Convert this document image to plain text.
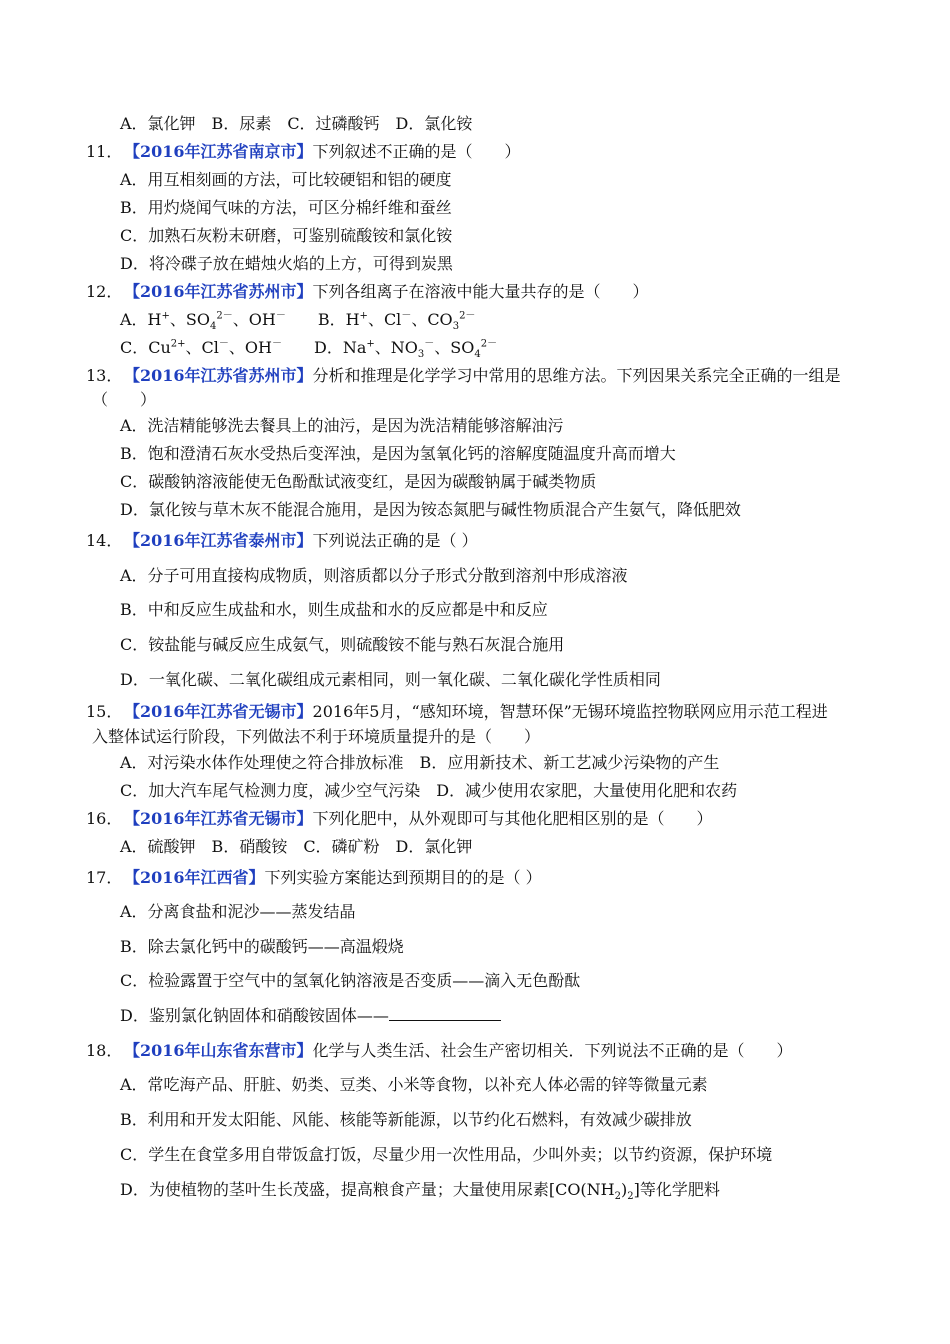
A．氯化钾　B．尿素　C．过磷酸钙　D．氯化铵
11． 【2016年江苏省南京市】下列叙述不正确的是（　　）
A．用互相刻画的方法，可比较硬铝和铝的硬度
B．用灼烧闻气味的方法，可区分棉纤维和蚕丝
C．加熟石灰粉末研磨，可鉴别硫酸铵和氯化铵
D．将冷碟子放在蜡烛火焰的上方，可得到炭黑
12． 【2016年江苏省苏州市】下列各组离子在溶液中能大量共存的是（　　）
A．H+、$SO_4^{2-}$、OH－　　B．H+、Cl－、$CO_3^{2-}$
C．$Cu^{2+}$、Cl－、OH－　　D．Na+、$NO_3^-$、$SO_4^{2-}$
13． 【2016年江苏省苏州市】分析和推理是化学学习中常用的思维方法。下列因果关系完全正确的一组是
（　　）
A．洗洁精能够洗去餐具上的油污，是因为洗洁精能够溶解油污
B．饱和澄清石灰水受热后变浑浊，是因为氢氧化钙的溶解度随温度升高而增大
C．碳酸钠溶液能使无色酚酞试液变红，是因为碳酸钠属于碱类物质
D．氯化铵与草木灰不能混合施用，是因为铵态氮肥与碱性物质混合产生氨气，降低肥效
14． 【2016年江苏省泰州市】下列说法正确的是（ ）
A．分子可用直接构成物质，则溶质都以分子形式分散到溶剂中形成溶液
B．中和反应生成盐和水，则生成盐和水的反应都是中和反应
C．铵盐能与碱反应生成氨气，则硫酸铵不能与熟石灰混合施用
D．一氧化碳、二氧化碳组成元素相同，则一氧化碳、二氧化碳化学性质相同
15． 【2016年江苏省无锡市】2016年5月，“感知环境，智慧环保”无锡环境监控物联网应用示范工程进
入整体试运行阶段，下列做法不利于环境质量提升的是（　　）
A．对污染水体作处理使之符合排放标准　B．应用新技术、新工艺减少污染物的产生
C．加大汽车尾气检测力度，减少空气污染　D．减少使用农家肥，大量使用化肥和农药
16． 【2016年江苏省无锡市】下列化肥中，从外观即可与其他化肥相区别的是（　　）
A．硫酸钾　B．硝酸铵　C．磷矿粉　D．氯化钾
17． 【2016年江西省】下列实验方案能达到预期目的的是（ ）
A．分离食盐和泥沙——蒸发结晶
B．除去氯化钙中的碳酸钙——高温煅烧
C．检验露置于空气中的氢氧化钠溶液是否变质——滴入无色酚酞
D．鉴别氯化钠固体和硝酸铵固体——
18． 【2016年山东省东营市】化学与人类生活、社会生产密切相关．下列说法不正确的是（　　）
A．常吃海产品、肝脏、奶类、豆类、小米等食物，以补充人体必需的锌等微量元素
B．利用和开发太阳能、风能、核能等新能源，以节约化石燃料，有效减少碳排放
C．学生在食堂多用自带饭盒打饭，尽量少用一次性用品，少叫外卖；以节约资源，保护环境
D．为使植物的茎叶生长茂盛，提高粮食产量；大量使用尿素$[CO(NH_2)_2]$等化学肥料
